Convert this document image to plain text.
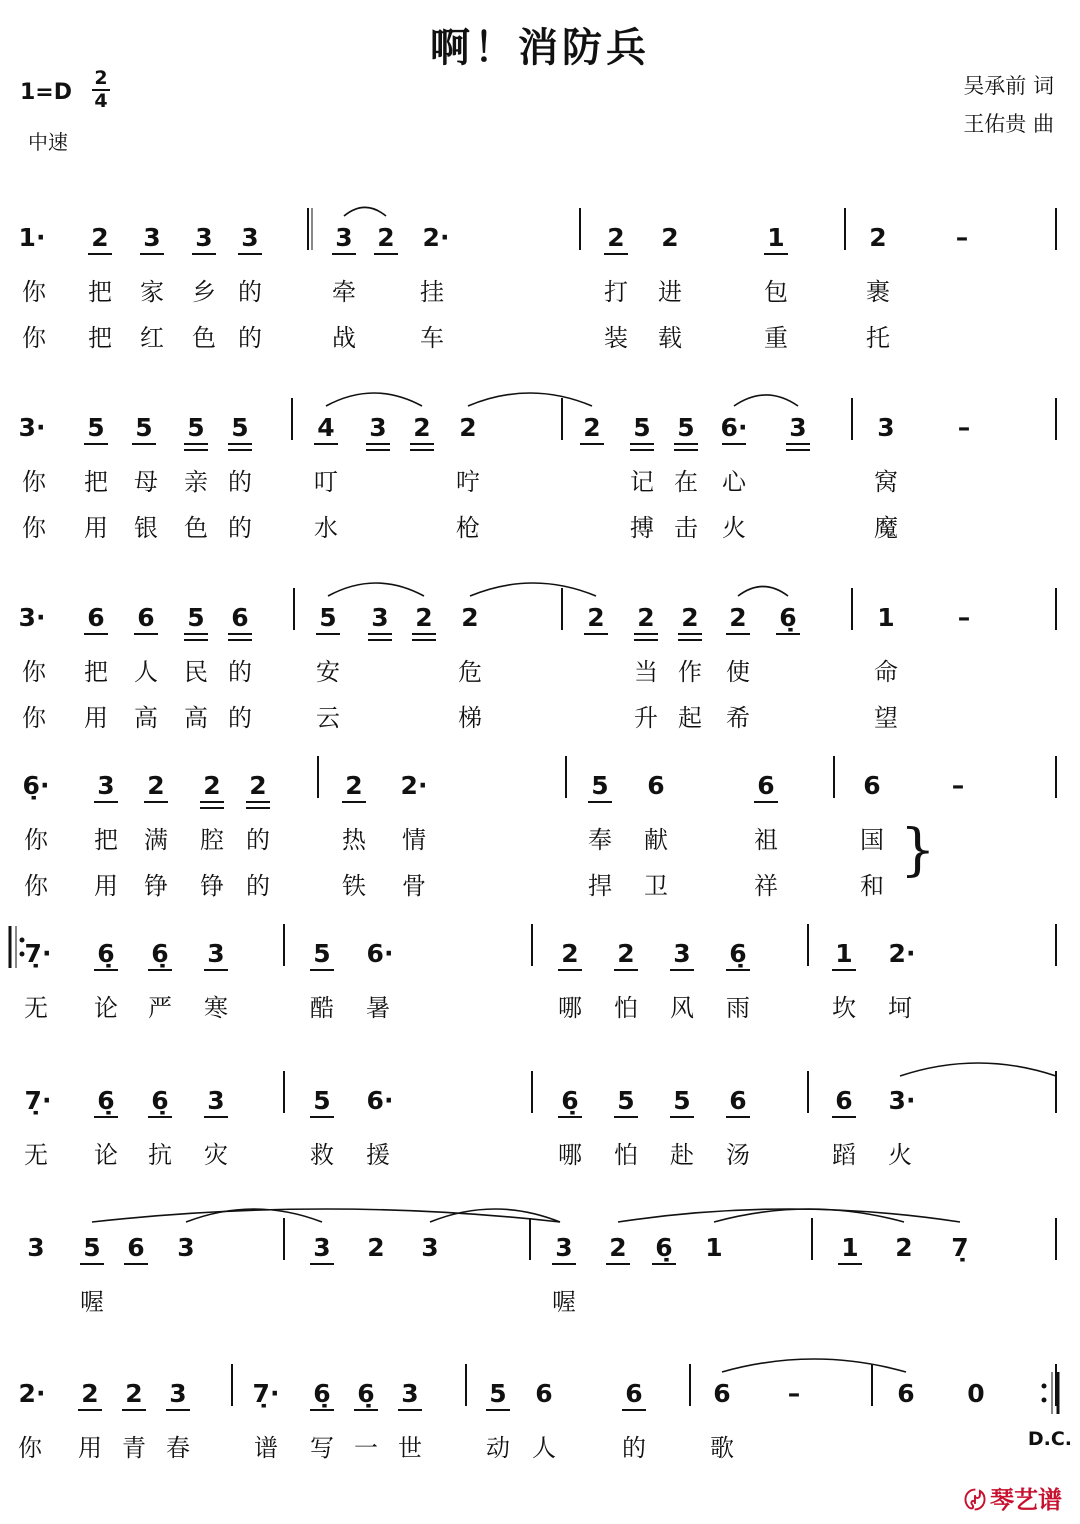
啊！消防兵
1=D
2
4
中速
吴承前 词
王佑贵 曲
1· 2 3 3 3	3 2 2·	2 2	1	2	–
3· 5 5 5 5	4 3 2 2	2 5 5 6· 3	3	–
3· 6 6 5 6	5 3 2 2	2 2 2 2 6̣	1	–
6̣· 3 2 2 2	2 2·	5 6	6	6	–
7̣· 6̣ 6̣ 3	5 6·	2 2 3 6̣	1 2·
7̣· 6̣ 6̣ 3	5 6·	6̣ 5 5 6	6 3·
3 5 6 3	3 2 3	3 2 6̣ 1	1 2 7̣
2· 2 2 3	7̣· 6̣ 6̣ 3	5 6	6	6 –	6 0
你 把 家 乡 的	牵	挂	打 进	包	裹
你 把 红 色 的	战	车	装 载	重	托
你 把 母 亲 的	叮	咛	记 在 心	窝
你 用 银 色 的	水	枪	搏 击 火	魔
你 把 人 民 的	安	危	当 作 使	命
你 用 高 高 的	云	梯	升 起 希	望
你 把 满 腔 的	热 情	奉 献	祖	国
你 用 铮 铮 的	铁 骨	捍 卫	祥	和
无 论 严 寒	酷 暑	哪 怕 风 雨	坎 坷
无 论 抗 灾	救 援	哪 怕 赴 汤	蹈 火
喔	喔
你 用 青 春	谱 写 一 世	动 人	的	歌
}
D.C.
〄 琴艺谱
